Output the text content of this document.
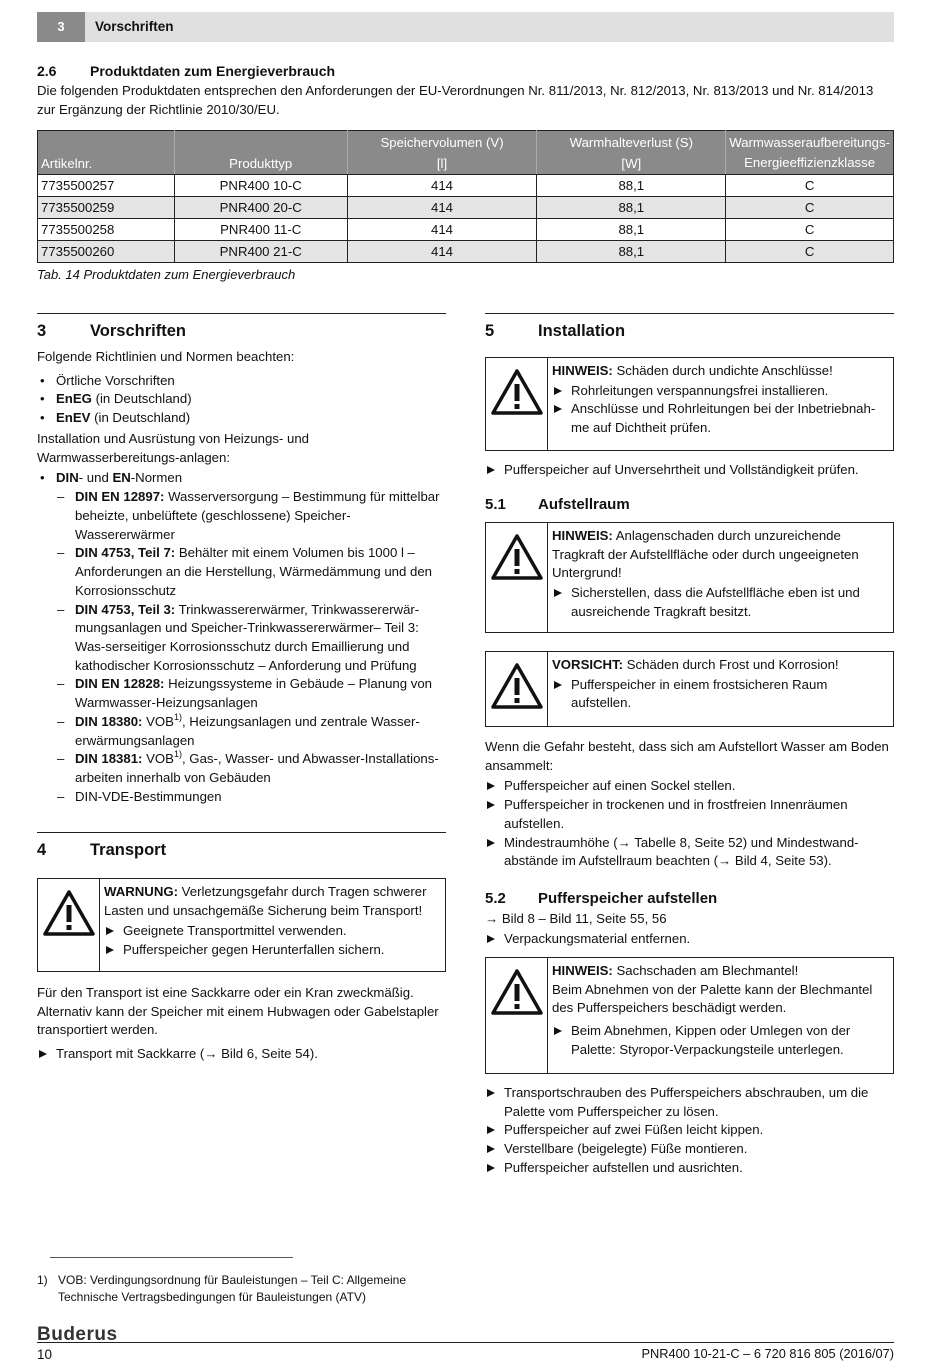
3	Vorschriften
2.6 Produktdaten zum Energieverbrauch

Die folgenden Produktdaten entsprechen den Anforderungen der EU-Verordnungen Nr. 811/2013, Nr. 812/2013, Nr. 813/2013 und Nr. 814/2013 zur Ergänzung der Richtlinie 2010/30/EU.

		Speichervolumen (V)	Warmhalteverlust (S)	Warmwasseraufbereitungs-
Artikelnr.	Produkttyp	[l]	[W]	Energieeffizienzklasse
7735500257	PNR400 10-C	414	88,1	C
7735500259	PNR400 20-C	414	88,1	C
7735500258	PNR400 11-C	414	88,1	C
7735500260	PNR400 21-C	414	88,1	C
Tab. 14 Produktdaten zum Energieverbrauch
3	Vorschriften

Folgende Richtlinien und Normen beachten:

• Örtliche Vorschriften
• EnEG (in Deutschland)
• EnEV (in Deutschland)

Installation und Ausrüstung von Heizungs- und Warmwasserbereitungs-anlagen:

• DIN- und EN-Normen
– DIN EN 12897: Wasserversorgung – Bestimmung für mittelbar beheizte, unbelüftete (geschlossene) Speicher-Wassererwärmer
– DIN 4753, Teil 7: Behälter mit einem Volumen bis 1000 l – Anforderungen an die Herstellung, Wärmedämmung und den Korrosionsschutz
– DIN 4753, Teil 3: Trinkwassererwärmer, Trinkwassererwär-mungsanlagen und Speicher-Trinkwassererwärmer– Teil 3: Was-serseitiger Korrosionsschutz durch Emaillierung und kathodischer Korrosionsschutz – Anforderung und Prüfung
– DIN EN 12828: Heizungssysteme in Gebäude – Planung von Warmwasser-Heizungsanlagen
– DIN 18380: VOB$^{1)}$, Heizungsanlagen und zentrale Wasser-erwärmungsanlagen
– DIN 18381: VOB$^{1)}$, Gas-, Wasser- und Abwasser-Installations-arbeiten innerhalb von Gebäuden
– DIN-VDE-Bestimmungen
4	Transport

WARNUNG: Verletzungsgefahr durch Tragen schwerer Lasten und unsachgemäße Sicherung beim Transport!

Geeignete Transportmittel verwenden.
Pufferspeicher gegen Herunterfallen sichern.

Für den Transport ist eine Sackkarre oder ein Kran zweckmäßig. Alternativ kann der Speicher mit einem Hubwagen oder Gabelstapler transportiert werden.

Transport mit Sackkarre (→ Bild 6, Seite 54).
5	Installation

HINWEIS: Schäden durch undichte Anschlüsse!

Rohrleitungen verspannungsfrei installieren.
Anschlüsse und Rohrleitungen bei der Inbetriebnah-me auf Dichtheit prüfen.
Pufferspeicher auf Unversehrtheit und Vollständigkeit prüfen.
5.1 Aufstellraum

HINWEIS: Anlagenschaden durch unzureichende Tragkraft der Aufstellfläche oder durch ungeeigneten Untergrund!

Sicherstellen, dass die Aufstellfläche eben ist und ausreichende Tragkraft besitzt.

VORSICHT: Schäden durch Frost und Korrosion!

Pufferspeicher in einem frostsicheren Raum aufstellen.

Wenn die Gefahr besteht, dass sich am Aufstellort Wasser am Boden ansammelt:

Pufferspeicher auf einen Sockel stellen.
Pufferspeicher in trockenen und in frostfreien Innenräumen aufstellen.
Mindestraumhöhe (→ Tabelle 8, Seite 52) und Mindestwand-abstände im Aufstellraum beachten (→ Bild 4, Seite 53).
5.2 Pufferspeicher aufstellen

→ Bild 8 – Bild 11, Seite 55, 56

Verpackungsmaterial entfernen.

HINWEIS: Sachschaden am Blechmantel!

Beim Abnehmen von der Palette kann der Blechmantel des Pufferspeichers beschädigt werden.

Beim Abnehmen, Kippen oder Umlegen von der Palette: Styropor-Verpackungsteile unterlegen.
Transportschrauben des Pufferspeichers abschrauben, um die Palette vom Pufferspeicher zu lösen.
Pufferspeicher auf zwei Füßen leicht kippen.
Verstellbare (beigelegte) Füße montieren.
Pufferspeicher aufstellen und ausrichten.
1) VOB: Verdingungsordnung für Bauleistungen – Teil C: Allgemeine Technische Vertragsbedingungen für Bauleistungen (ATV)
Buderus
10	PNR400 10-21-C – 6 720 816 805 (2016/07)
